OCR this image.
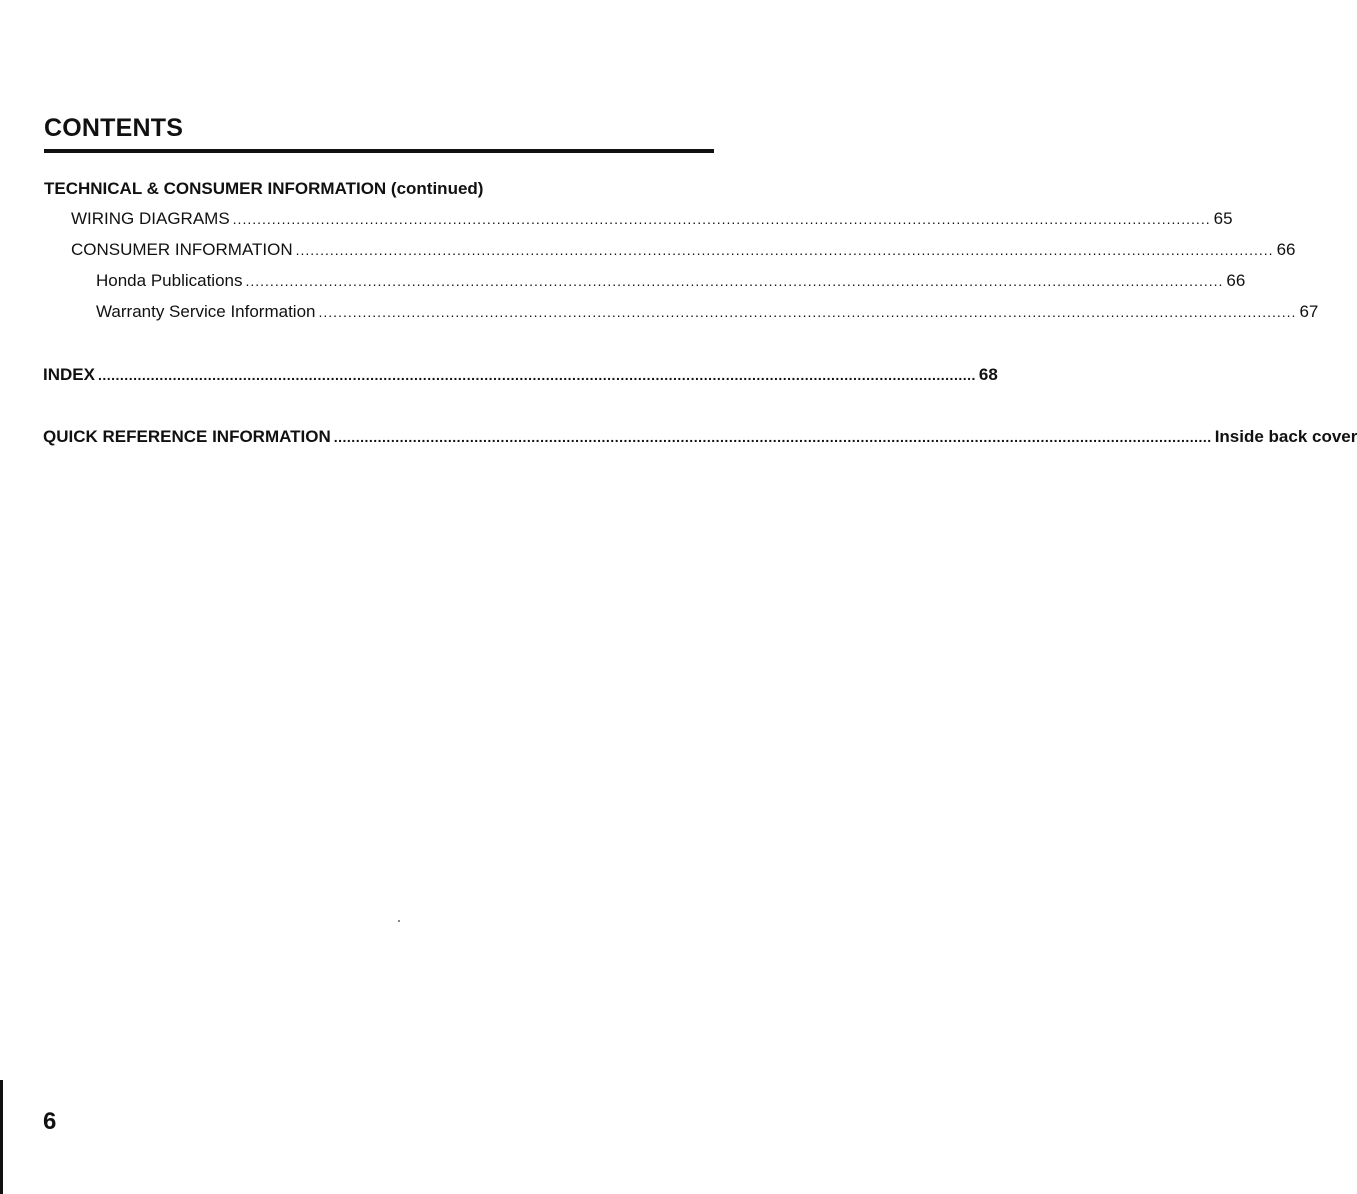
CONTENTS
TECHNICAL & CONSUMER INFORMATION (continued)
WIRING DIAGRAMS ........................................................................................................................................................................................................ 65
CONSUMER INFORMATION ........................................................................................................................................................................................................ 66
Honda Publications ........................................................................................................................................................................................................ 66
Warranty Service Information ........................................................................................................................................................................................................ 67
INDEX ........................................................................................................................................................................................................ 68
QUICK REFERENCE INFORMATION ........................................................................................................................................................................................................ Inside back cover
6
